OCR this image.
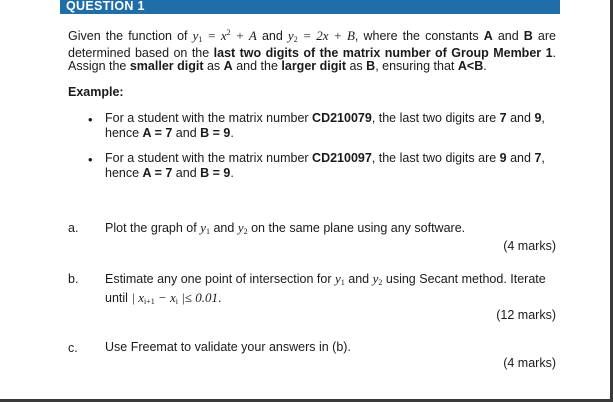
QUESTION 1
Given the function of $y_1 = x^2 + A$ and $y_2 = 2x + B$, where the constants A and B are determined based on the last two digits of the matrix number of Group Member 1. Assign the smaller digit as A and the larger digit as B, ensuring that A<B.
Example:
• For a student with the matrix number CD210079, the last two digits are 7 and 9,
hence A = 7 and B = 9.
• For a student with the matrix number CD210097, the last two digits are 9 and 7,
hence A = 7 and B = 9.
a. Plot the graph of $y_1$ and $y_2$ on the same plane using any software.
(4 marks)
b. Estimate any one point of intersection for $y_1$ and $y_2$ using Secant method. Iterate
until | $x_{i+1} - x_i$ |≤ 0.01.
(12 marks)
c. Use Freemat to validate your answers in (b).
(4 marks)
